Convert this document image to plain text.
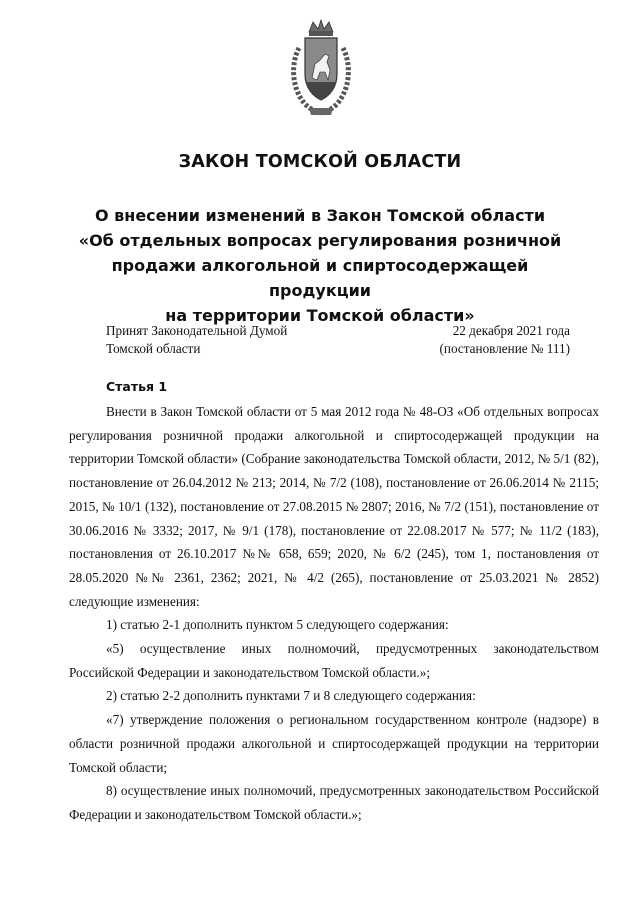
ЗАКОН ТОМСКОЙ ОБЛАСТИ
О внесении изменений в Закон Томской области
«Об отдельных вопросах регулирования розничной
продажи алкогольной и спиртосодержащей продукции
на территории Томской области»
Принят Законодательной Думой
Томской области
22 декабря 2021 года
(постановление № 111)
Статья 1

Внести в Закон Томской области от 5 мая 2012 года № 48-ОЗ «Об отдельных вопросах регулирования розничной продажи алкогольной и спиртосодержащей продукции на территории Томской области» (Собрание законодательства Томской области, 2012, № 5/1 (82), постановление от 26.04.2012 № 213; 2014, № 7/2 (108), постановление от 26.06.2014 № 2115; 2015, № 10/1 (132), постановление от 27.08.2015 № 2807; 2016, № 7/2 (151), постановление от 30.06.2016 № 3332; 2017, № 9/1 (178), постановление от 22.08.2017 № 577; № 11/2 (183), постановления от 26.10.2017 №№ 658, 659; 2020, № 6/2 (245), том 1, постановления от 28.05.2020 №№ 2361, 2362; 2021, № 4/2 (265), постановление от 25.03.2021 № 2852) следующие изменения:

1) статью 2-1 дополнить пунктом 5 следующего содержания:

«5) осуществление иных полномочий, предусмотренных законодательством Российской Федерации и законодательством Томской области.»;

2) статью 2-2 дополнить пунктами 7 и 8 следующего содержания:

«7) утверждение положения о региональном государственном контроле (надзоре) в области розничной продажи алкогольной и спиртосодержащей продукции на территории Томской области;

8) осуществление иных полномочий, предусмотренных законодательством Российской Федерации и законодательством Томской области.»;
